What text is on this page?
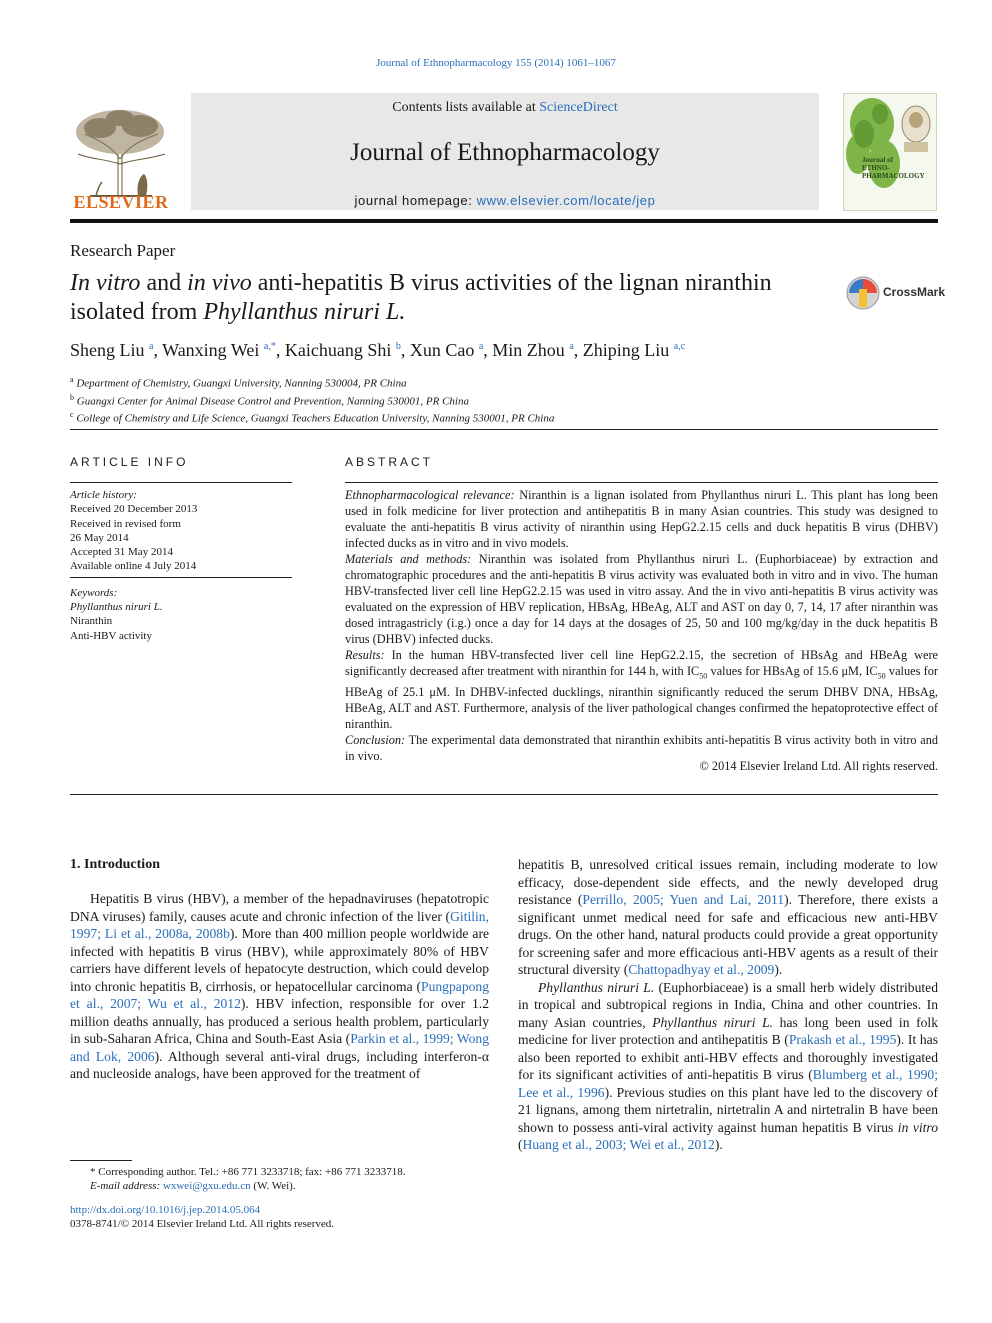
Journal of Ethnopharmacology 155 (2014) 1061–1067
ELSEVIER
Contents lists available at ScienceDirect
Journal of Ethnopharmacology
journal homepage: www.elsevier.com/locate/jep
Journal of
ETHNO-
PHARMACOLOGY
Research Paper
In vitro and in vivo anti-hepatitis B virus activities of the lignan niranthin isolated from Phyllanthus niruri L.
CrossMark
Sheng Liu $^a$, Wanxing Wei $^{a,*}$, Kaichuang Shi $^b$, Xun Cao $^a$, Min Zhou $^a$, Zhiping Liu $^{a,c}$
$^a$ Department of Chemistry, Guangxi University, Nanning 530004, PR China
$^b$ Guangxi Center for Animal Disease Control and Prevention, Nanning 530001, PR China
$^c$ College of Chemistry and Life Science, Guangxi Teachers Education University, Nanning 530001, PR China
ARTICLE INFO
Article history:
Received 20 December 2013
Received in revised form
26 May 2014
Accepted 31 May 2014
Available online 4 July 2014
Keywords:
Phyllanthus niruri L.
Niranthin
Anti-HBV activity
ABSTRACT
Ethnopharmacological relevance: Niranthin is a lignan isolated from Phyllanthus niruri L. This plant has long been used in folk medicine for liver protection and antihepatitis B in many Asian countries. This study was designed to evaluate the anti-hepatitis B virus activity of niranthin using HepG2.2.15 cells and duck hepatitis B virus (DHBV) infected ducks as in vitro and in vivo models.
Materials and methods: Niranthin was isolated from Phyllanthus niruri L. (Euphorbiaceae) by extraction and chromatographic procedures and the anti-hepatitis B virus activity was evaluated both in vitro and in vivo. The human HBV-transfected liver cell line HepG2.2.15 was used in vitro assay. And the in vivo anti-hepatitis B virus activity was evaluated on the expression of HBV replication, HBsAg, HBeAg, ALT and AST on day 0, 7, 14, 17 after niranthin was dosed intragastricly (i.g.) once a day for 14 days at the dosages of 25, 50 and 100 mg/kg/day in the duck hepatitis B virus (DHBV) infected ducks.
Results: In the human HBV-transfected liver cell line HepG2.2.15, the secretion of HBsAg and HBeAg were significantly decreased after treatment with niranthin for 144 h, with $IC_{50}$ values for HBsAg of 15.6 μM, $IC_{50}$ values for HBeAg of 25.1 μM. In DHBV-infected ducklings, niranthin significantly reduced the serum DHBV DNA, HBsAg, HBeAg, ALT and AST. Furthermore, analysis of the liver pathological changes confirmed the hepatoprotective effect of niranthin.
Conclusion: The experimental data demonstrated that niranthin exhibits anti-hepatitis B virus activity both in vitro and in vivo.
© 2014 Elsevier Ireland Ltd. All rights reserved.
1. Introduction

Hepatitis B virus (HBV), a member of the hepadnaviruses (hepatotropic DNA viruses) family, causes acute and chronic infection of the liver (Gitilin, 1997; Li et al., 2008a, 2008b). More than 400 million people worldwide are infected with hepatitis B virus (HBV), while approximately 80% of HBV carriers have different levels of hepatocyte destruction, which could develop into chronic hepatitis B, cirrhosis, or hepatocellular carcinoma (Pungpapong et al., 2007; Wu et al., 2012). HBV infection, responsible for over 1.2 million deaths annually, has produced a serious health problem, particularly in sub-Saharan Africa, China and South-East Asia (Parkin et al., 1999; Wong and Lok, 2006). Although several anti-viral drugs, including interferon-α and nucleoside analogs, have been approved for the treatment of

hepatitis B, unresolved critical issues remain, including moderate to low efficacy, dose-dependent side effects, and the newly developed drug resistance (Perrillo, 2005; Yuen and Lai, 2011). Therefore, there exists a significant unmet medical need for safe and efficacious new anti-HBV drugs. On the other hand, natural products could provide a great opportunity for screening safer and more efficacious anti-HBV agents as a result of their structural diversity (Chattopadhyay et al., 2009).

Phyllanthus niruri L. (Euphorbiaceae) is a small herb widely distributed in tropical and subtropical regions in India, China and other countries. In many Asian countries, Phyllanthus niruri L. has long been used in folk medicine for liver protection and antihepatitis B (Prakash et al., 1995). It has also been reported to exhibit anti-HBV effects and thoroughly investigated for its significant activities of anti-hepatitis B virus (Blumberg et al., 1990; Lee et al., 1996). Previous studies on this plant have led to the discovery of 21 lignans, among them nirtetralin, nirtetralin A and nirtetralin B have been shown to possess anti-viral activity against human hepatitis B virus in vitro (Huang et al., 2003; Wei et al., 2012).

* Corresponding author. Tel.: +86 771 3233718; fax: +86 771 3233718.
E-mail address: wxwei@gxu.edu.cn (W. Wei).
http://dx.doi.org/10.1016/j.jep.2014.05.064
0378-8741/© 2014 Elsevier Ireland Ltd. All rights reserved.
